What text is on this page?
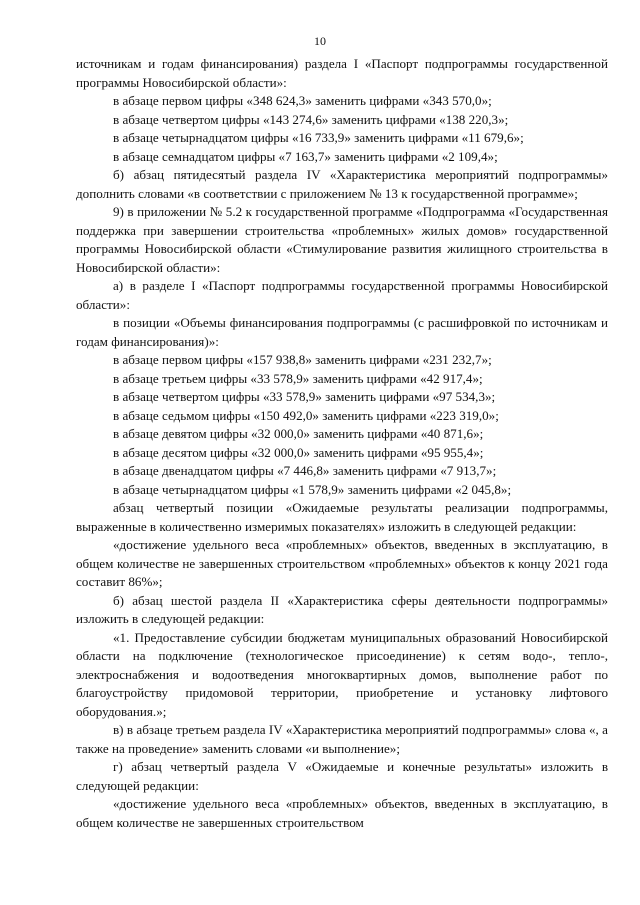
10

источникам и годам финансирования) раздела I «Паспорт подпрограммы государственной программы Новосибирской области»:

в абзаце первом цифры «348 624,3» заменить цифрами «343 570,0»;

в абзаце четвертом цифры «143 274,6» заменить цифрами «138 220,3»;

в абзаце четырнадцатом цифры «16 733,9» заменить цифрами «11 679,6»;

в абзаце семнадцатом цифры «7 163,7» заменить цифрами «2 109,4»;

б) абзац пятидесятый раздела IV «Характеристика мероприятий подпрограммы» дополнить словами «в соответствии с приложением № 13 к государственной программе»;

9) в приложении № 5.2 к государственной программе «Подпрограмма «Государственная поддержка при завершении строительства «проблемных» жилых домов» государственной программы Новосибирской области «Стимулирование развития жилищного строительства в Новосибирской области»:

а) в разделе I «Паспорт подпрограммы государственной программы Новосибирской области»:

в позиции «Объемы финансирования подпрограммы (с расшифровкой по источникам и годам финансирования)»:

в абзаце первом цифры «157 938,8» заменить цифрами «231 232,7»;

в абзаце третьем цифры «33 578,9» заменить цифрами «42 917,4»;

в абзаце четвертом цифры «33 578,9» заменить цифрами «97 534,3»;

в абзаце седьмом цифры «150 492,0» заменить цифрами «223 319,0»;

в абзаце девятом цифры «32 000,0» заменить цифрами «40 871,6»;

в абзаце десятом цифры «32 000,0» заменить цифрами «95 955,4»;

в абзаце двенадцатом цифры «7 446,8» заменить цифрами «7 913,7»;

в абзаце четырнадцатом цифры «1 578,9» заменить цифрами «2 045,8»;

абзац четвертый позиции «Ожидаемые результаты реализации подпрограммы, выраженные в количественно измеримых показателях» изложить в следующей редакции:

«достижение удельного веса «проблемных» объектов, введенных в эксплуатацию, в общем количестве не завершенных строительством «проблемных» объектов к концу 2021 года составит 86%»;

б) абзац шестой раздела II «Характеристика сферы деятельности подпрограммы» изложить в следующей редакции:

«1. Предоставление субсидии бюджетам муниципальных образований Новосибирской области на подключение (технологическое присоединение) к сетям водо-, тепло-, электроснабжения и водоотведения многоквартирных домов, выполнение работ по благоустройству придомовой территории, приобретение и установку лифтового оборудования.»;

в) в абзаце третьем раздела IV «Характеристика мероприятий подпрограммы» слова «, а также на проведение» заменить словами «и выполнение»;

г) абзац четвертый раздела V «Ожидаемые и конечные результаты» изложить в следующей редакции:

«достижение удельного веса «проблемных» объектов, введенных в эксплуатацию, в общем количестве не завершенных строительством
